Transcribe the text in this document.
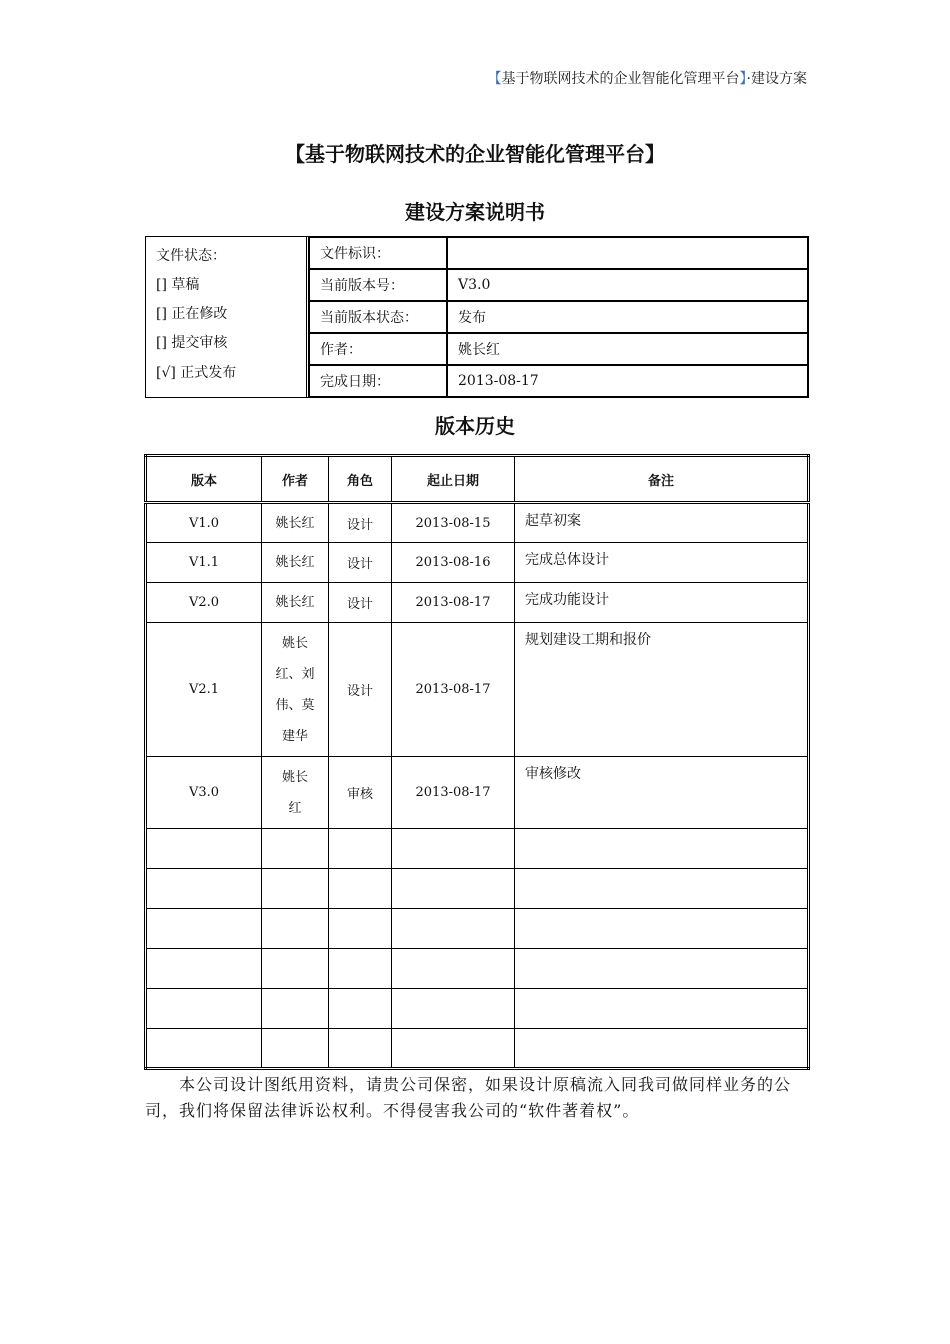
【基于物联网技术的企业智能化管理平台】·建设方案
【基于物联网技术的企业智能化管理平台】
建设方案说明书
文件状态：
[] 草稿
[] 正在修改
[] 提交审核
[√] 正式发布
文件标识：	
当前版本号：	V3.0
当前版本状态：	发布
作者：	姚长红
完成日期：	2013-08-17
版本历史
版本	作者	角色	起止日期	备注
V1.0	姚长红	设计	2013-08-15	起草初案
V1.1	姚长红	设计	2013-08-16	完成总体设计
V2.0	姚长红	设计	2013-08-17	完成功能设计
V2.1	姚长红、刘伟、莫建华	设计	2013-08-17	规划建设工期和报价
V3.0	姚长红	审核	2013-08-17	审核修改

本公司设计图纸用资料，请贵公司保密，如果设计原稿流入同我司做同样业务的公司，我们将保留法律诉讼权利。不得侵害我公司的“软件著着权”。
